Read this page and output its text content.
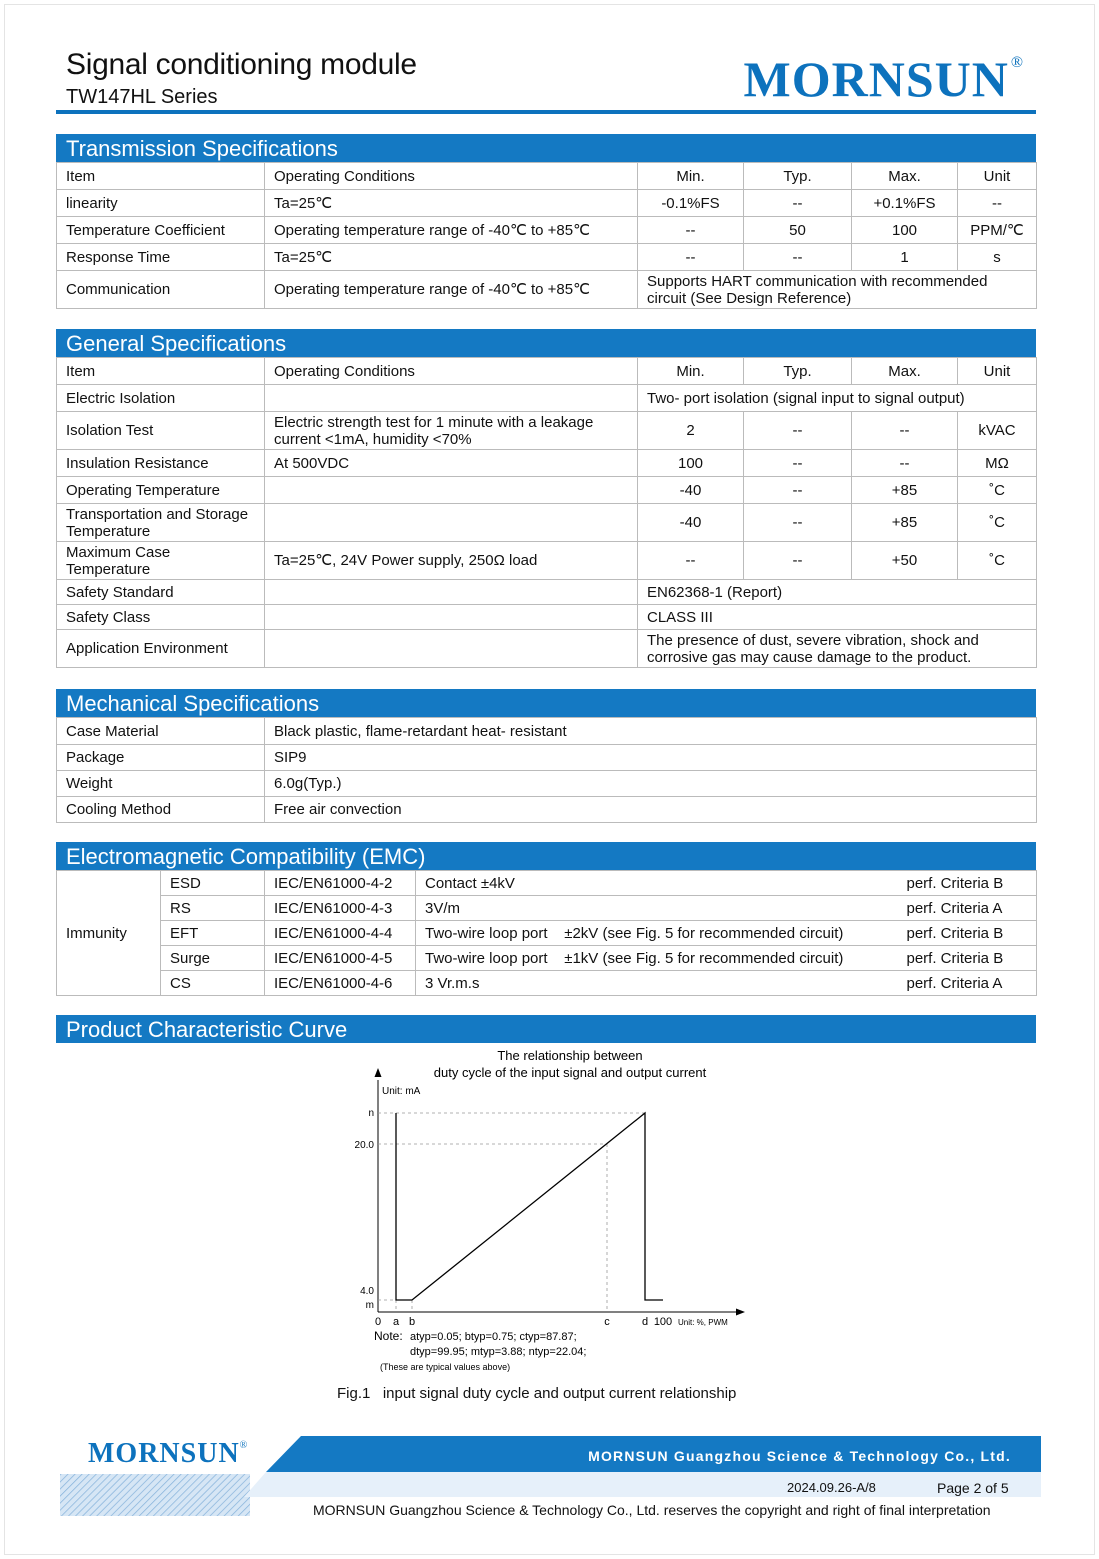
Signal conditioning module
TW147HL Series	MORNSUN ®
Transmission Specifications
Item	Operating Conditions	Min.	Typ.	Max.	Unit
linearity	Ta=25℃	-0.1%FS	--	+0.1%FS	--
Temperature Coefficient	Operating temperature range of -40℃ to +85℃	--	50	100	PPM/℃
Response Time	Ta=25℃	--	--	1	s
Communication	Operating temperature range of -40℃ to +85℃	Supports HART communication with recommended circuit (See Design Reference)			
General Specifications
Item	Operating Conditions	Min.	Typ.	Max.	Unit
Electric Isolation		Two- port isolation (signal input to signal output)			
Isolation Test	Electric strength test for 1 minute with a leakage current <1mA, humidity <70%	2	--	--	kVAC
Insulation Resistance	At 500VDC	100	--	--	MΩ
Operating Temperature		-40	--	+85	˚C
Transportation and Storage Temperature		-40	--	+85	˚C
Maximum Case Temperature	Ta=25℃, 24V Power supply, 250Ω load	--	--	+50	˚C
Safety Standard		EN62368-1 (Report)			
Safety Class		CLASS III			
Application Environment		The presence of dust, severe vibration, shock and corrosive gas may cause damage to the product.			
Mechanical Specifications
Case Material	Black plastic, flame-retardant heat- resistant
Package	SIP9
Weight	6.0g(Typ.)
Cooling Method	Free air convection
Electromagnetic Compatibility (EMC)
Immunity	ESD	IEC/EN61000-4-2	Contact ±4kV	perf. Criteria B
	RS	IEC/EN61000-4-3	3V/m	perf. Criteria A
	EFT	IEC/EN61000-4-4	Two-wire loop port    ±2kV (see Fig. 5 for recommended circuit)	perf. Criteria B
	Surge	IEC/EN61000-4-5	Two-wire loop port    ±1kV (see Fig. 5 for recommended circuit)	perf. Criteria B
	CS	IEC/EN61000-4-6	3 Vr.m.s	perf. Criteria A
Product Characteristic Curve
The relationship between
duty cycle of the input signal and output current
Unit: mA
Unit: %, PWM
0 a b	c	d 100
4.0
m
20.0
n
Note: atyp=0.05; btyp=0.75; ctyp=87.87;
dtyp=99.95; mtyp=3.88; ntyp=22.04;
(These are typical values above)
Fig.1   input signal duty cycle and output current relationship
MORNSUN®
MORNSUN Guangzhou Science & Technology Co., Ltd.
2024.09.26-A/8	Page 2 of 5
MORNSUN Guangzhou Science & Technology Co., Ltd. reserves the copyright and right of final interpretation
